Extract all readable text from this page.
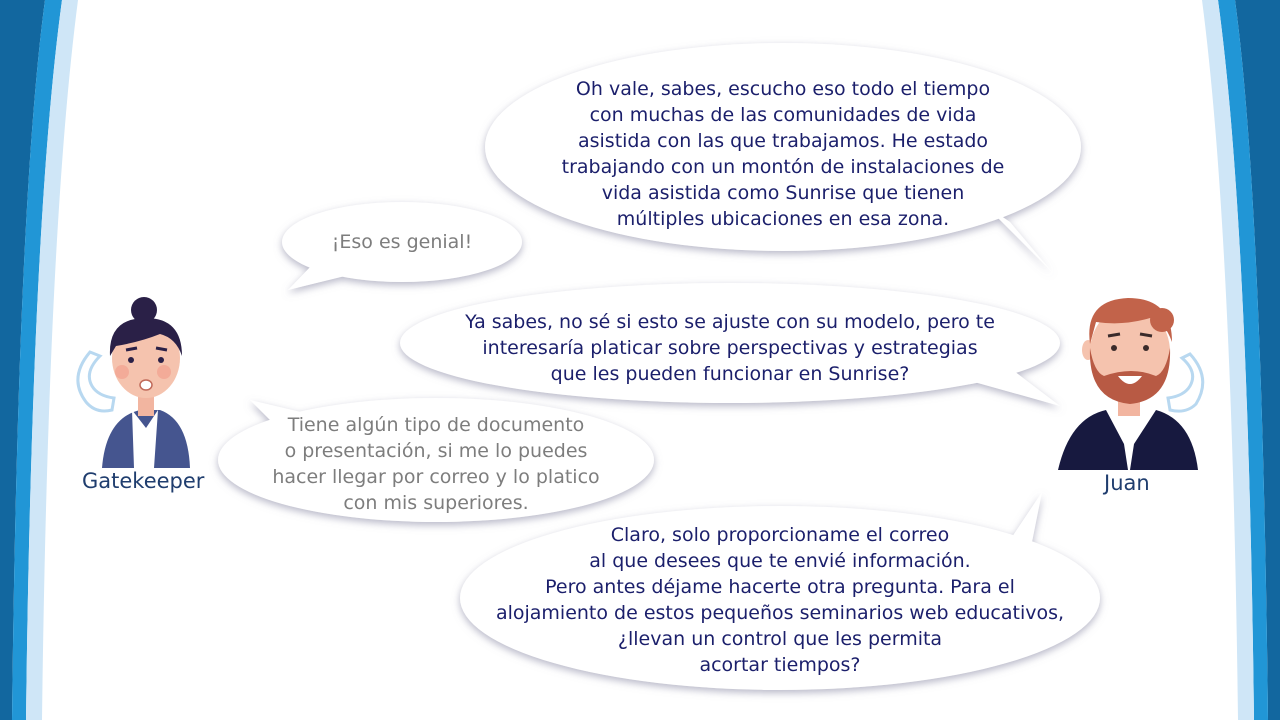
Gatekeeper	Juan
Oh vale, sabes, escucho eso todo el tiempo
con muchas de las comunidades de vida
asistida con las que trabajamos. He estado
trabajando con un montón de instalaciones de
vida asistida como Sunrise que tienen
múltiples ubicaciones en esa zona.
¡Eso es genial!
Ya sabes, no sé si esto se ajuste con su modelo, pero te
interesaría platicar sobre perspectivas y estrategias
que les pueden funcionar en Sunrise?
Tiene algún tipo de documento
o presentación, si me lo puedes
hacer llegar por correo y lo platico
con mis superiores.
Claro, solo proporcioname el correo
al que desees que te envié información.
Pero antes déjame hacerte otra pregunta. Para el
alojamiento de estos pequeños seminarios web educativos,
¿llevan un control que les permita
acortar tiempos?
